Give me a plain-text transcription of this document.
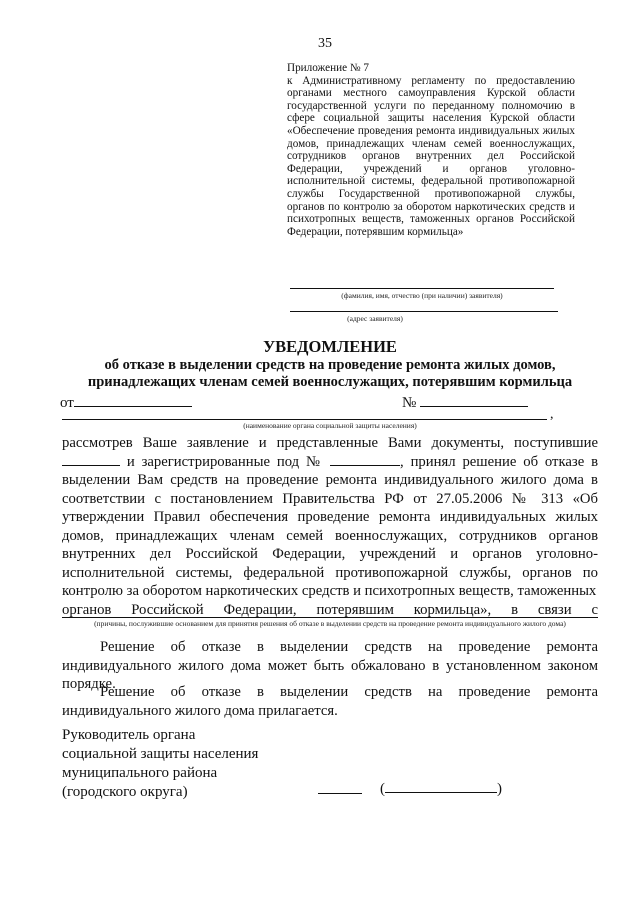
35
Приложение № 7
к Административному регламенту по предоставлению органами местного самоуправления Курской области государственной услуги по переданному полномочию в сфере социальной защиты населения Курской области «Обеспечение проведения ремонта индивидуальных жилых домов, принадлежащих членам семей военнослужащих, сотрудников органов внутренних дел Российской Федерации, учреждений и органов уголовно-исполнительной системы, федеральной противопожарной службы Государственной противопожарной службы, органов по контролю за оборотом наркотических средств и психотропных веществ, таможенных органов Российской Федерации, потерявшим кормильца»
(фамилия, имя, отчество (при наличии) заявителя)
(адрес заявителя)
УВЕДОМЛЕНИЕ
об отказе в выделении средств на проведение ремонта жилых домов,
принадлежащих членам семей военнослужащих, потерявшим кормильца
от	№
,
(наименование органа социальной защиты населения)
рассмотрев Ваше заявление и представленные Вами документы, поступившие  и зарегистрированные под №	, принял решение об отказе в выделении Вам средств на проведение ремонта индивидуального жилого дома в соответствии с постановлением Правительства РФ от 27.05.2006 № 313 «Об утверждении Правил обеспечения проведение ремонта индивидуальных жилых домов, принадлежащих членам семей военнослужащих, сотрудников органов внутренних дел Российской Федерации, учреждений и органов уголовно-исполнительной системы, федеральной противопожарной службы, органов по контролю за оборотом наркотических средств и психотропных веществ, таможенных
органов Российской Федерации, потерявшим кормильца», в связи с
(причины, послужившие основанием для принятия решения об отказе в выделении средств на проведение ремонта индивидуального жилого дома)
Решение об отказе в выделении средств на проведение ремонта индивидуального жилого дома может быть обжаловано в установленном законом порядке.
Решение об отказе в выделении средств на проведение ремонта индивидуального жилого дома прилагается.
Руководитель органа
социальной защиты населения
муниципального района
(городского округа)	(	)
